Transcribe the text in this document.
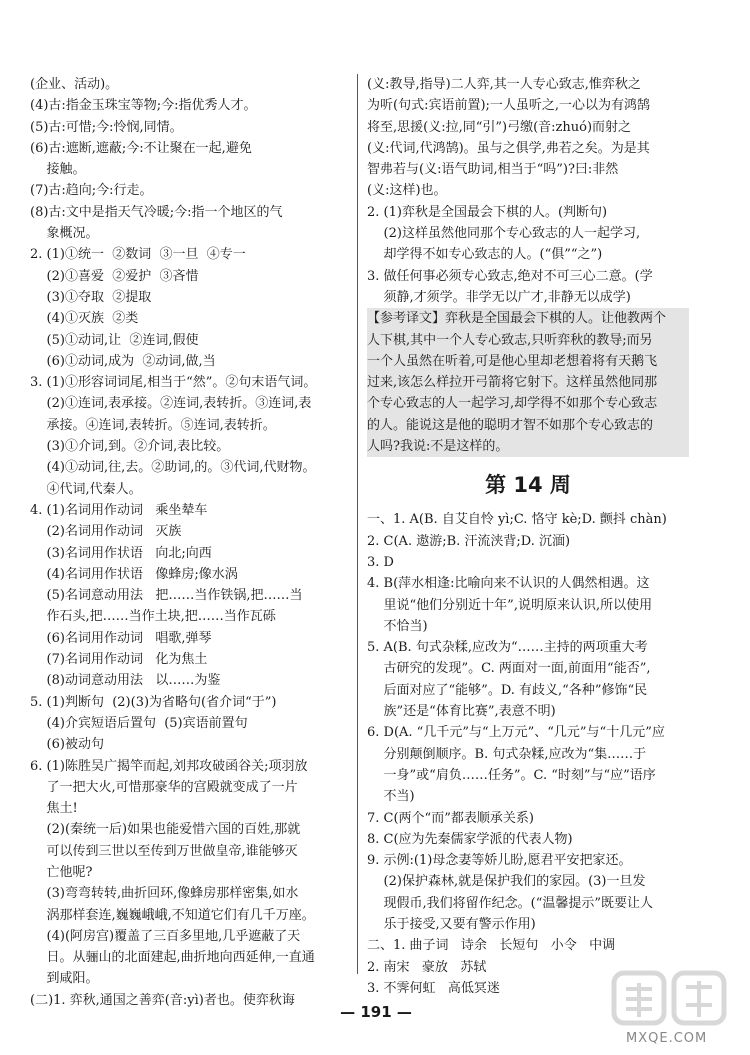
(企业、活动)。
(4)古:指金玉珠宝等物;今:指优秀人才。
(5)古:可惜;今:怜悯,同情。
(6)古:遮断,遮蔽;今:不让聚在一起,避免
接触。
(7)古:趋向;今:行走。
(8)古:文中是指天气冷暖;今:指一个地区的气
象概况。
2. (1)①统一  ②数词  ③一旦  ④专一
(2)①喜爱  ②爱护  ③吝惜
(3)①夺取  ②提取
(4)①灭族  ②类
(5)①动词,让  ②连词,假使
(6)①动词,成为  ②动词,做,当
3. (1)①形容词词尾,相当于“然”。②句末语气词。
(2)①连词,表承接。②连词,表转折。③连词,表
承接。④连词,表转折。⑤连词,表转折。
(3)①介词,到。②介词,表比较。
(4)①动词,往,去。②助词,的。③代词,代财物。
④代词,代秦人。
4. (1)名词用作动词   乘坐辇车
(2)名词用作动词   灭族
(3)名词用作状语   向北;向西
(4)名词用作状语   像蜂房;像水涡
(5)名词意动用法   把……当作铁锅,把……当
作石头,把……当作土块,把……当作瓦砾
(6)名词用作动词   唱歌,弹琴
(7)名词用作动词   化为焦土
(8)动词意动用法   以……为鉴
5. (1)判断句  (2)(3)为省略句(省介词“于”)
(4)介宾短语后置句  (5)宾语前置句
(6)被动句
6. (1)陈胜吴广揭竿而起,刘邦攻破函谷关;项羽放
了一把大火,可惜那豪华的宫殿就变成了一片
焦土!
(2)(秦统一后)如果也能爱惜六国的百姓,那就
可以传到三世以至传到万世做皇帝,谁能够灭
亡他呢?
(3)弯弯转转,曲折回环,像蜂房那样密集,如水
涡那样套连,巍巍峨峨,不知道它们有几千万座。
(4)(阿房宫)覆盖了三百多里地,几乎遮蔽了天
日。从骊山的北面建起,曲折地向西延伸,一直通
到咸阳。
(二)1. 弈秋,通国之善弈(音:yì)者也。使弈秋诲
(义:教导,指导)二人弈,其一人专心致志,惟弈秋之
为听(句式:宾语前置);一人虽听之,一心以为有鸿鹄
将至,思援(义:拉,同“引”)弓缴(音:zhuó)而射之
(义:代词,代鸿鹄)。虽与之俱学,弗若之矣。为是其
智弗若与(义:语气助词,相当于“吗”)?曰:非然
(义:这样)也。
2. (1)弈秋是全国最会下棋的人。(判断句)
(2)这样虽然他同那个专心致志的人一起学习,
却学得不如专心致志的人。(“俱”“之”)
3. 做任何事必须专心致志,绝对不可三心二意。(学
须静,才须学。非学无以广才,非静无以成学)
【参考译文】弈秋是全国最会下棋的人。让他教两个
人下棋,其中一个人专心致志,只听弈秋的教导;而另
一个人虽然在听着,可是他心里却老想着将有天鹅飞
过来,该怎么样拉开弓箭将它射下。这样虽然他同那
个专心致志的人一起学习,却学得不如那个专心致志
的人。能说这是他的聪明才智不如那个专心致志的
人吗?我说:不是这样的。
第 14 周
一、1. A(B. 自艾自怜 yì;C. 恪守 kè;D. 颤抖 chàn)
2. C(A. 遨游;B. 汗流浃背;D. 沉湎)
3. D
4. B(萍水相逢:比喻向来不认识的人偶然相遇。这
里说“他们分别近十年”,说明原来认识,所以使用
不恰当)
5. A(B. 句式杂糅,应改为“……主持的两项重大考
古研究的发现”。C. 两面对一面,前面用“能否”,
后面对应了“能够”。D. 有歧义,“各种”修饰“民
族”还是“体育比赛”,表意不明)
6. D(A. “几千元”与“上万元”、“几元”与“十几元”应
分别颠倒顺序。B. 句式杂糅,应改为“集……于
一身”或“肩负……任务”。C. “时刻”与“应”语序
不当)
7. C(两个“而”都表顺承关系)
8. C(应为先秦儒家学派的代表人物)
9. 示例:(1)母念妻等娇儿盼,愿君平安把家还。
(2)保护森林,就是保护我们的家园。(3)一旦发
现假币,我们将留作纪念。(“温馨提示”既要让人
乐于接受,又要有警示作用)
二、1. 曲子词   诗余   长短句   小令   中调
2. 南宋   豪放   苏轼
3. 不霁何虹   高低冥迷
— 191 —
MXQE.COM
